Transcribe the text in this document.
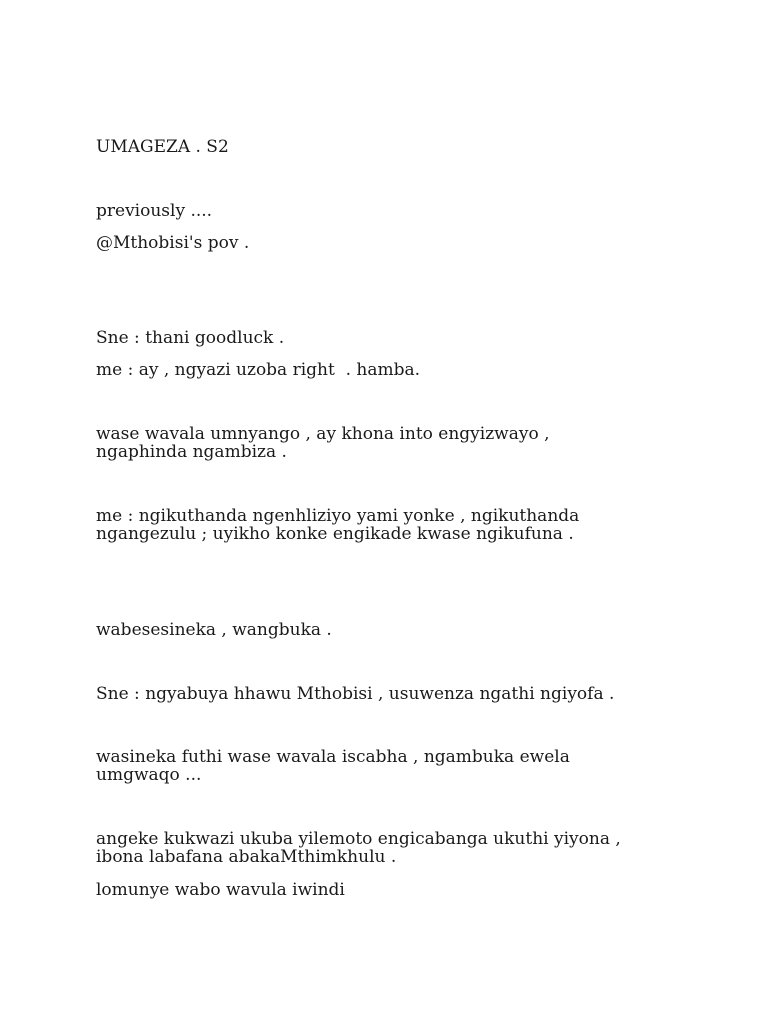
UMAGEZA . S2

previously ....

@Mthobisi's pov .

Sne : thani goodluck .

me : ay , ngyazi uzoba right  . hamba.

wase wavala umnyango , ay khona into engyizwayo ,
ngaphinda ngambiza .

me : ngikuthanda ngenhliziyo yami yonke , ngikuthanda
ngangezulu ; uyikho konke engikade kwase ngikufuna .

wabesesineka , wangbuka .

Sne : ngyabuya hhawu Mthobisi , usuwenza ngathi ngiyofa .

wasineka futhi wase wavala iscabha , ngambuka ewela
umgwaqo ...

angeke kukwazi ukuba yilemoto engicabanga ukuthi yiyona ,
ibona labafana abakaMthimkhulu .

lomunye wabo wavula iwindi
